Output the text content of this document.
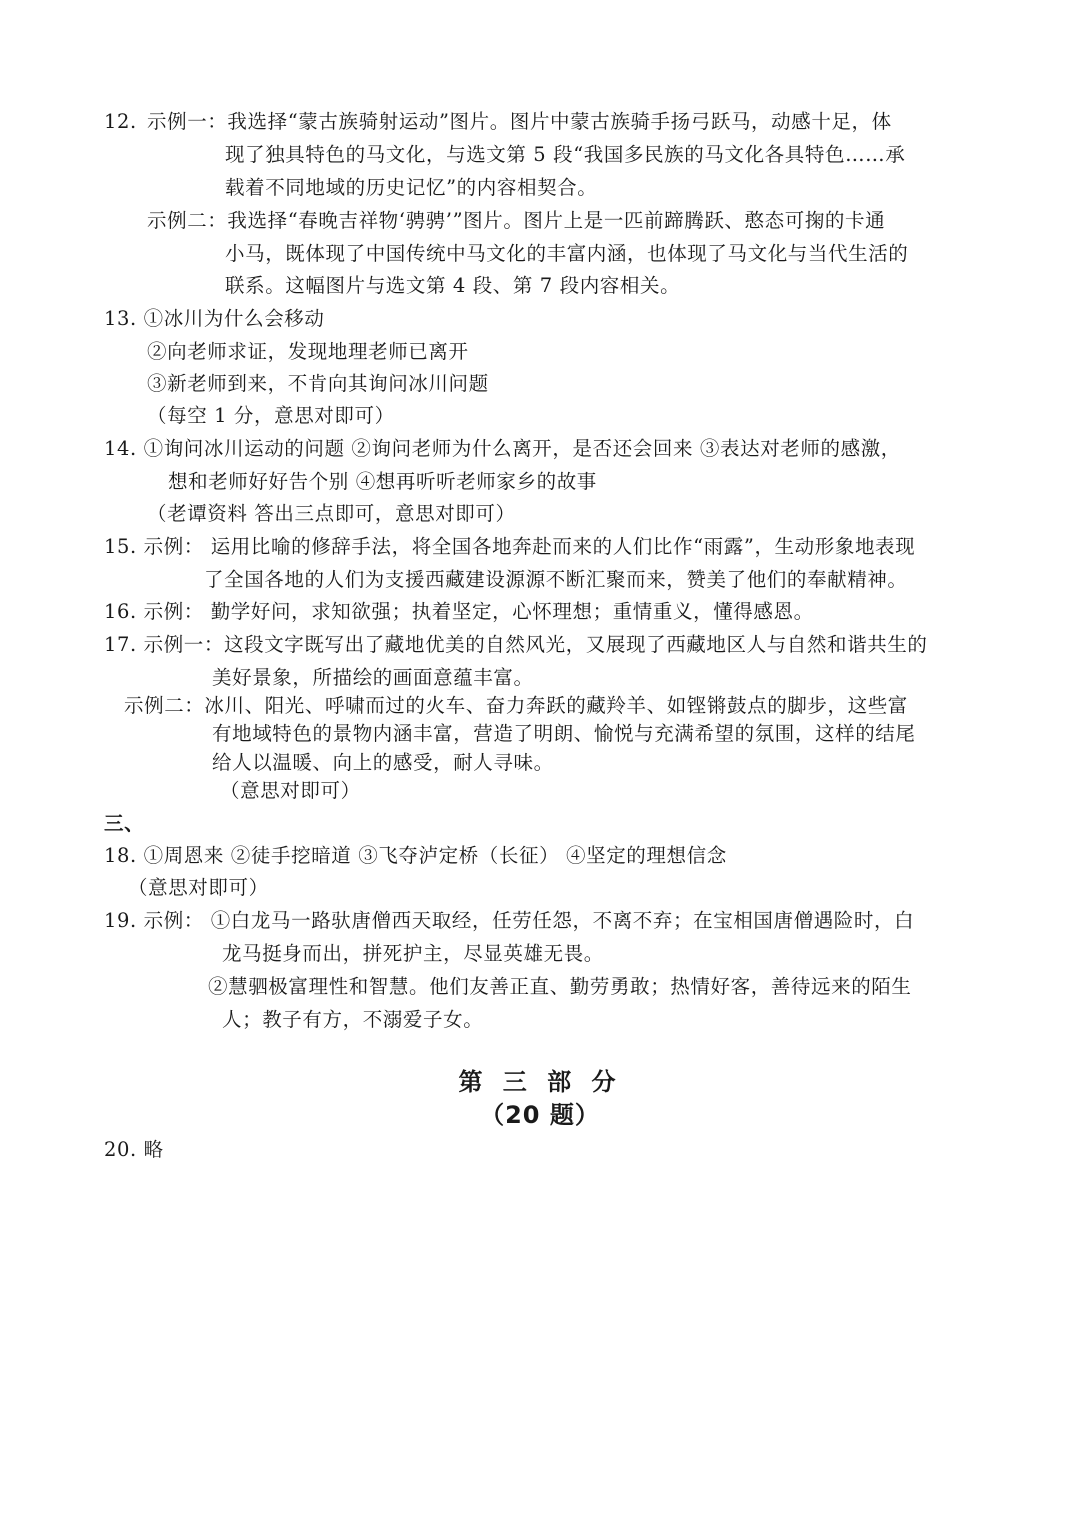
12. 示例一：我选择“蒙古族骑射运动”图片。图片中蒙古族骑手扬弓跃马，动感十足，体
现了独具特色的马文化，与选文第 5 段“我国多民族的马文化各具特色……承
载着不同地域的历史记忆”的内容相契合。
示例二：我选择“春晚吉祥物‘骋骋’”图片。图片上是一匹前蹄腾跃、憨态可掬的卡通
小马，既体现了中国传统中马文化的丰富内涵，也体现了马文化与当代生活的
联系。这幅图片与选文第 4 段、第 7 段内容相关。
13. ①冰川为什么会移动
②向老师求证，发现地理老师已离开
③新老师到来，不肯向其询问冰川问题
（每空 1 分，意思对即可）
14. ①询问冰川运动的问题 ②询问老师为什么离开，是否还会回来 ③表达对老师的感激，
想和老师好好告个别 ④想再听听老师家乡的故事
（老谭资料 答出三点即可，意思对即可）
15. 示例： 运用比喻的修辞手法，将全国各地奔赴而来的人们比作“雨露”，生动形象地表现
了全国各地的人们为支援西藏建设源源不断汇聚而来，赞美了他们的奉献精神。
16. 示例： 勤学好问，求知欲强；执着坚定，心怀理想；重情重义，懂得感恩。
17. 示例一：这段文字既写出了藏地优美的自然风光，又展现了西藏地区人与自然和谐共生的
美好景象，所描绘的画面意蕴丰富。
示例二：冰川、阳光、呼啸而过的火车、奋力奔跃的藏羚羊、如铿锵鼓点的脚步，这些富
有地域特色的景物内涵丰富，营造了明朗、愉悦与充满希望的氛围，这样的结尾
给人以温暖、向上的感受，耐人寻味。
（意思对即可）
三、
18. ①周恩来 ②徒手挖暗道 ③飞夺泸定桥（长征） ④坚定的理想信念
（意思对即可）
19. 示例： ①白龙马一路驮唐僧西天取经，任劳任怨，不离不弃；在宝相国唐僧遇险时，白
龙马挺身而出，拼死护主，尽显英雄无畏。
②慧驷极富理性和智慧。他们友善正直、勤劳勇敢；热情好客，善待远来的陌生
人；教子有方，不溺爱子女。
第 三 部 分
（20 题）
20. 略
